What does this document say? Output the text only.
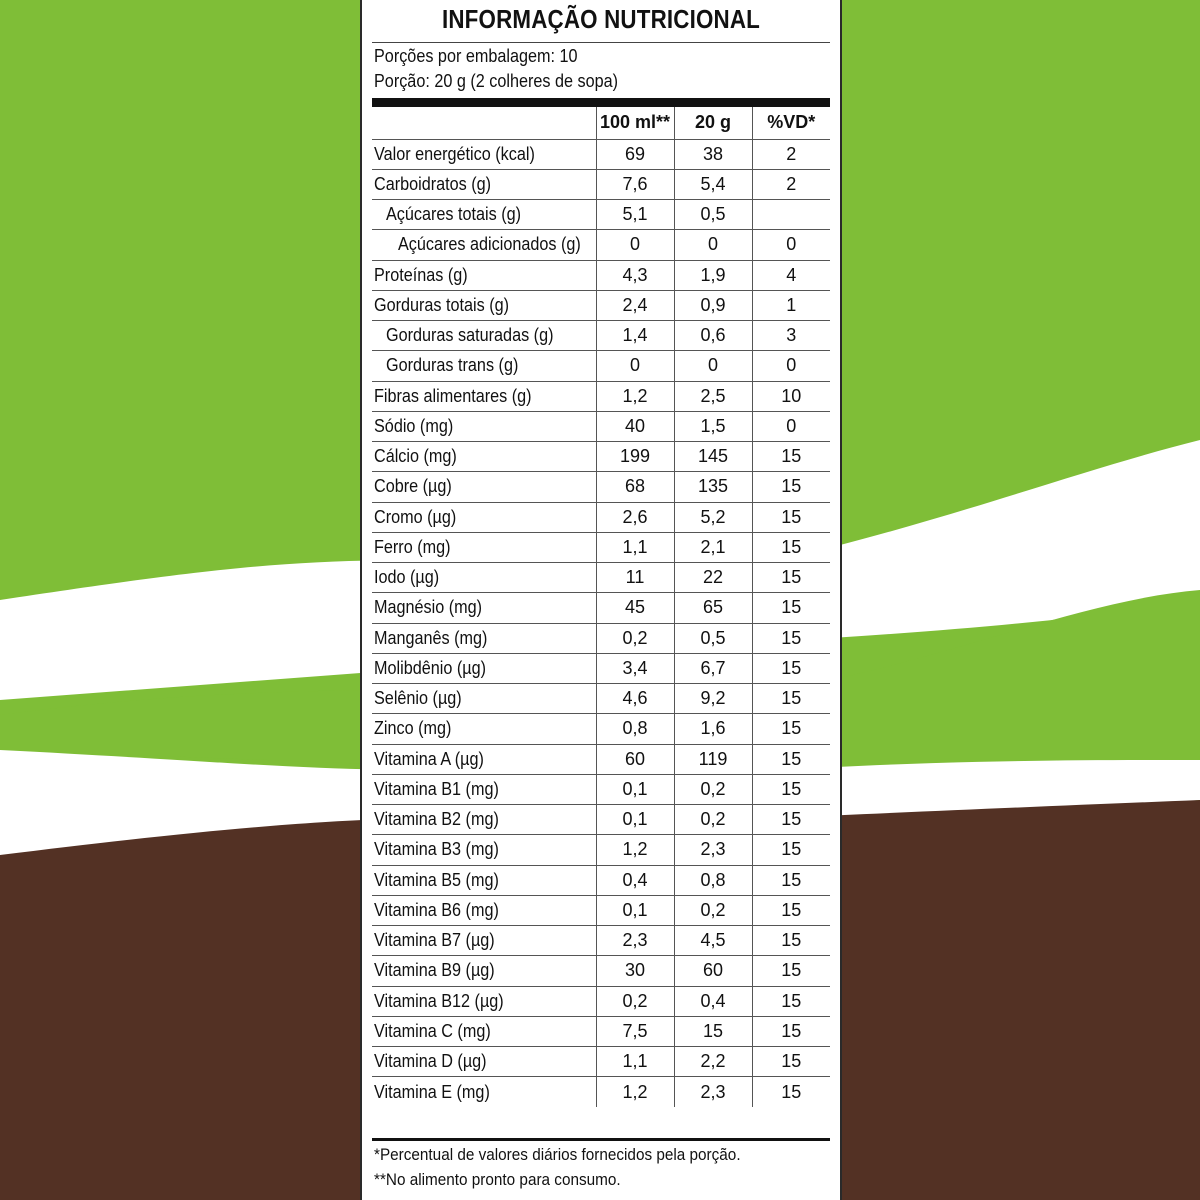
INFORMAÇÃO NUTRICIONAL
Porções por embalagem: 10
Porção: 20 g (2 colheres de sopa)
	100 ml**	20 g	%VD*
Valor energético (kcal)	69	38	2
Carboidratos (g)	7,6	5,4	2
Açúcares totais (g)	5,1	0,5	
Açúcares adicionados (g)	0	0	0
Proteínas (g)	4,3	1,9	4
Gorduras totais (g)	2,4	0,9	1
Gorduras saturadas (g)	1,4	0,6	3
Gorduras trans (g)	0	0	0
Fibras alimentares (g)	1,2	2,5	10
Sódio (mg)	40	1,5	0
Cálcio (mg)	199	145	15
Cobre (µg)	68	135	15
Cromo (µg)	2,6	5,2	15
Ferro (mg)	1,1	2,1	15
Iodo (µg)	11	22	15
Magnésio (mg)	45	65	15
Manganês (mg)	0,2	0,5	15
Molibdênio (µg)	3,4	6,7	15
Selênio (µg)	4,6	9,2	15
Zinco (mg)	0,8	1,6	15
Vitamina A (µg)	60	119	15
Vitamina B1 (mg)	0,1	0,2	15
Vitamina B2 (mg)	0,1	0,2	15
Vitamina B3 (mg)	1,2	2,3	15
Vitamina B5 (mg)	0,4	0,8	15
Vitamina B6 (mg)	0,1	0,2	15
Vitamina B7 (µg)	2,3	4,5	15
Vitamina B9 (µg)	30	60	15
Vitamina B12 (µg)	0,2	0,4	15
Vitamina C (mg)	7,5	15	15
Vitamina D (µg)	1,1	2,2	15
Vitamina E (mg)	1,2	2,3	15
*Percentual de valores diários fornecidos pela porção.
**No alimento pronto para consumo.
